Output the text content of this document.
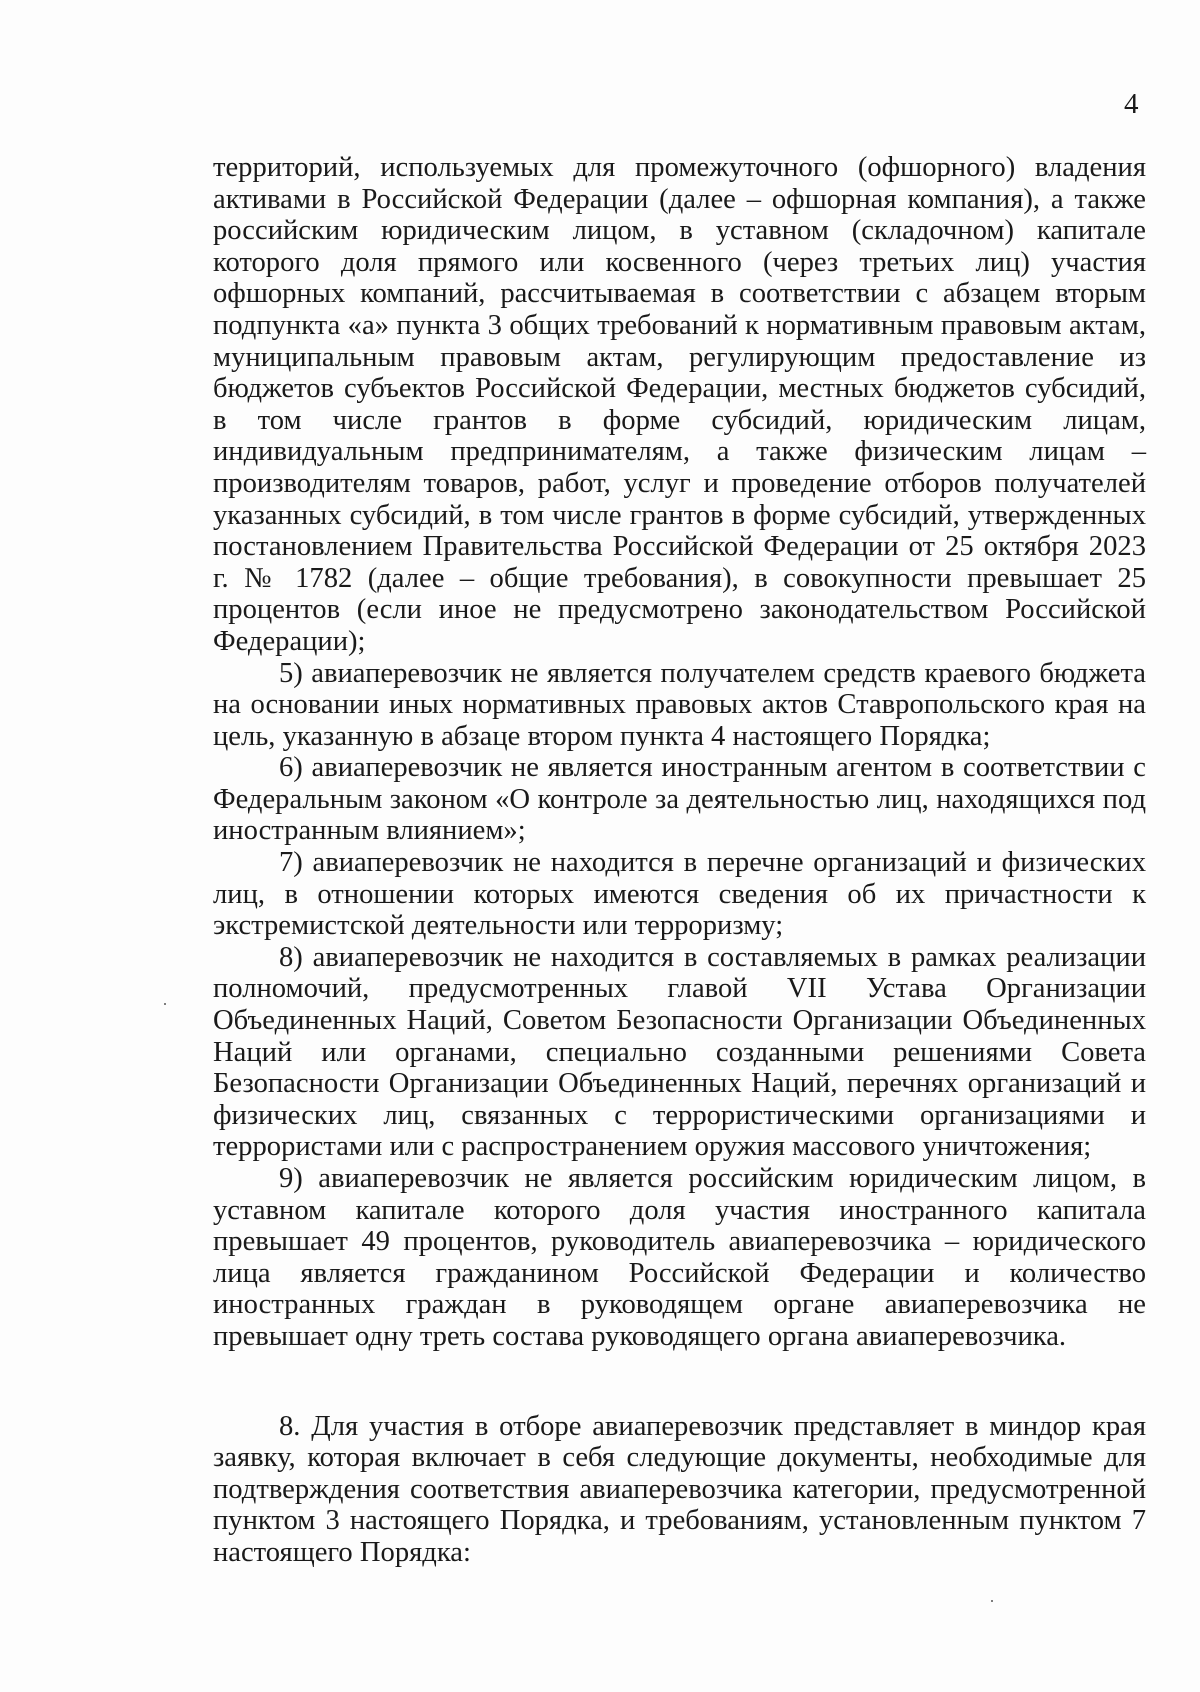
4

территорий, используемых для промежуточного (офшорного) владения активами в Российской Федерации (далее – офшорная компания), а также российским юридическим лицом, в уставном (складочном) капитале которого доля прямого или косвенного (через третьих лиц) участия офшорных компаний, рассчитываемая в соответствии с абзацем вторым подпункта «а» пункта 3 общих требований к нормативным правовым актам, муниципальным правовым актам, регулирующим предоставление из бюджетов субъектов Российской Федерации, местных бюджетов субсидий, в том числе грантов в форме субсидий, юридическим лицам, индивидуальным предпринимателям, а также физическим лицам – производителям товаров, работ, услуг и проведение отборов получателей указанных субсидий, в том числе грантов в форме субсидий, утвержденных постановлением Правительства Российской Федерации от 25 октября 2023 г. № 1782 (далее – общие требования), в совокупности превышает 25 процентов (если иное не предусмотрено законодательством Российской Федерации);

5) авиаперевозчик не является получателем средств краевого бюджета на основании иных нормативных правовых актов Ставропольского края на цель, указанную в абзаце втором пункта 4 настоящего Порядка;

6) авиаперевозчик не является иностранным агентом в соответствии с Федеральным законом «О контроле за деятельностью лиц, находящихся под иностранным влиянием»;

7) авиаперевозчик не находится в перечне организаций и физических лиц, в отношении которых имеются сведения об их причастности к экстремистской деятельности или терроризму;

8) авиаперевозчик не находится в составляемых в рамках реализации полномочий, предусмотренных главой VII Устава Организации Объединенных Наций, Советом Безопасности Организации Объединенных Наций или органами, специально созданными решениями Совета Безопасности Организации Объединенных Наций, перечнях организаций и физических лиц, связанных с террористическими организациями и террористами или с распространением оружия массового уничтожения;

9) авиаперевозчик не является российским юридическим лицом, в уставном капитале которого доля участия иностранного капитала превышает 49 процентов, руководитель авиаперевозчика – юридического лица является гражданином Российской Федерации и количество иностранных граждан в руководящем органе авиаперевозчика не превышает одну треть состава руководящего органа авиаперевозчика.

8. Для участия в отборе авиаперевозчик представляет в миндор края заявку, которая включает в себя следующие документы, необходимые для подтверждения соответствия авиаперевозчика категории, предусмотренной пунктом 3 настоящего Порядка, и требованиям, установленным пунктом 7 настоящего Порядка:
